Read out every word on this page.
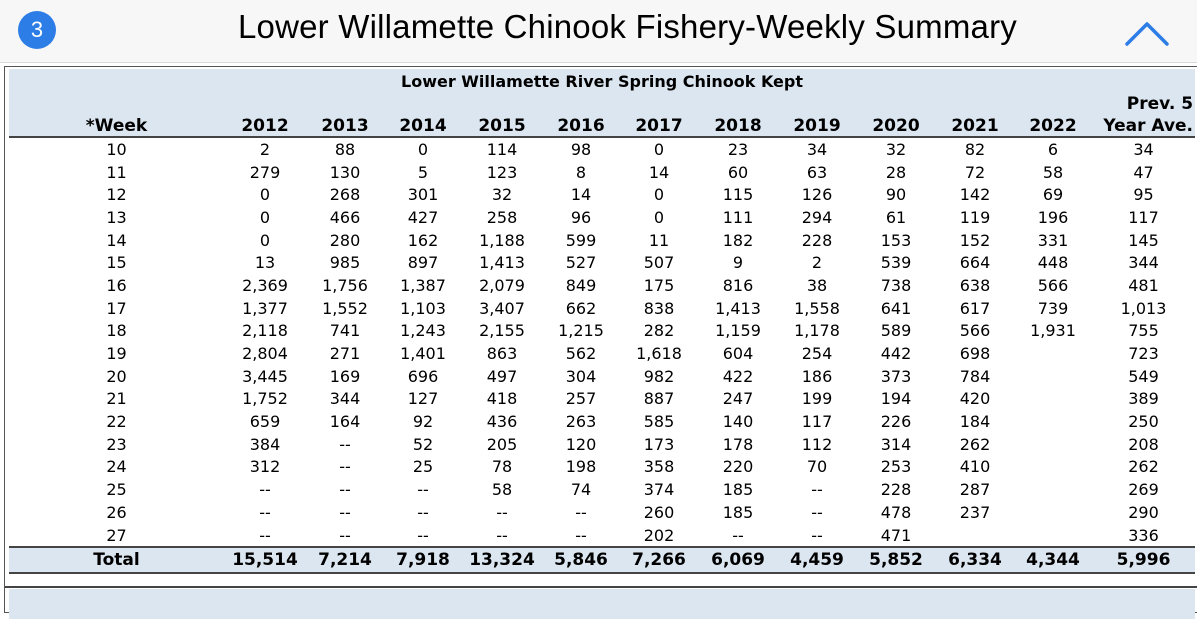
3	Lower Willamette Chinook Fishery-Weekly Summary
Lower Willamette River Spring Chinook Kept												
												Prev. 5
*Week	2012	2013	2014	2015	2016	2017	2018	2019	2020	2021	2022	Year Ave.
10	2	88	0	114	98	0	23	34	32	82	6	34
11	279	130	5	123	8	14	60	63	28	72	58	47
12	0	268	301	32	14	0	115	126	90	142	69	95
13	0	466	427	258	96	0	111	294	61	119	196	117
14	0	280	162	1,188	599	11	182	228	153	152	331	145
15	13	985	897	1,413	527	507	9	2	539	664	448	344
16	2,369	1,756	1,387	2,079	849	175	816	38	738	638	566	481
17	1,377	1,552	1,103	3,407	662	838	1,413	1,558	641	617	739	1,013
18	2,118	741	1,243	2,155	1,215	282	1,159	1,178	589	566	1,931	755
19	2,804	271	1,401	863	562	1,618	604	254	442	698		723
20	3,445	169	696	497	304	982	422	186	373	784		549
21	1,752	344	127	418	257	887	247	199	194	420		389
22	659	164	92	436	263	585	140	117	226	184		250
23	384	--	52	205	120	173	178	112	314	262		208
24	312	--	25	78	198	358	220	70	253	410		262
25	--	--	--	58	74	374	185	--	228	287		269
26	--	--	--	--	--	260	185	--	478	237		290
27	--	--	--	--	--	202	--	--	471			336
Total	15,514	7,214	7,918	13,324	5,846	7,266	6,069	4,459	5,852	6,334	4,344	5,996
